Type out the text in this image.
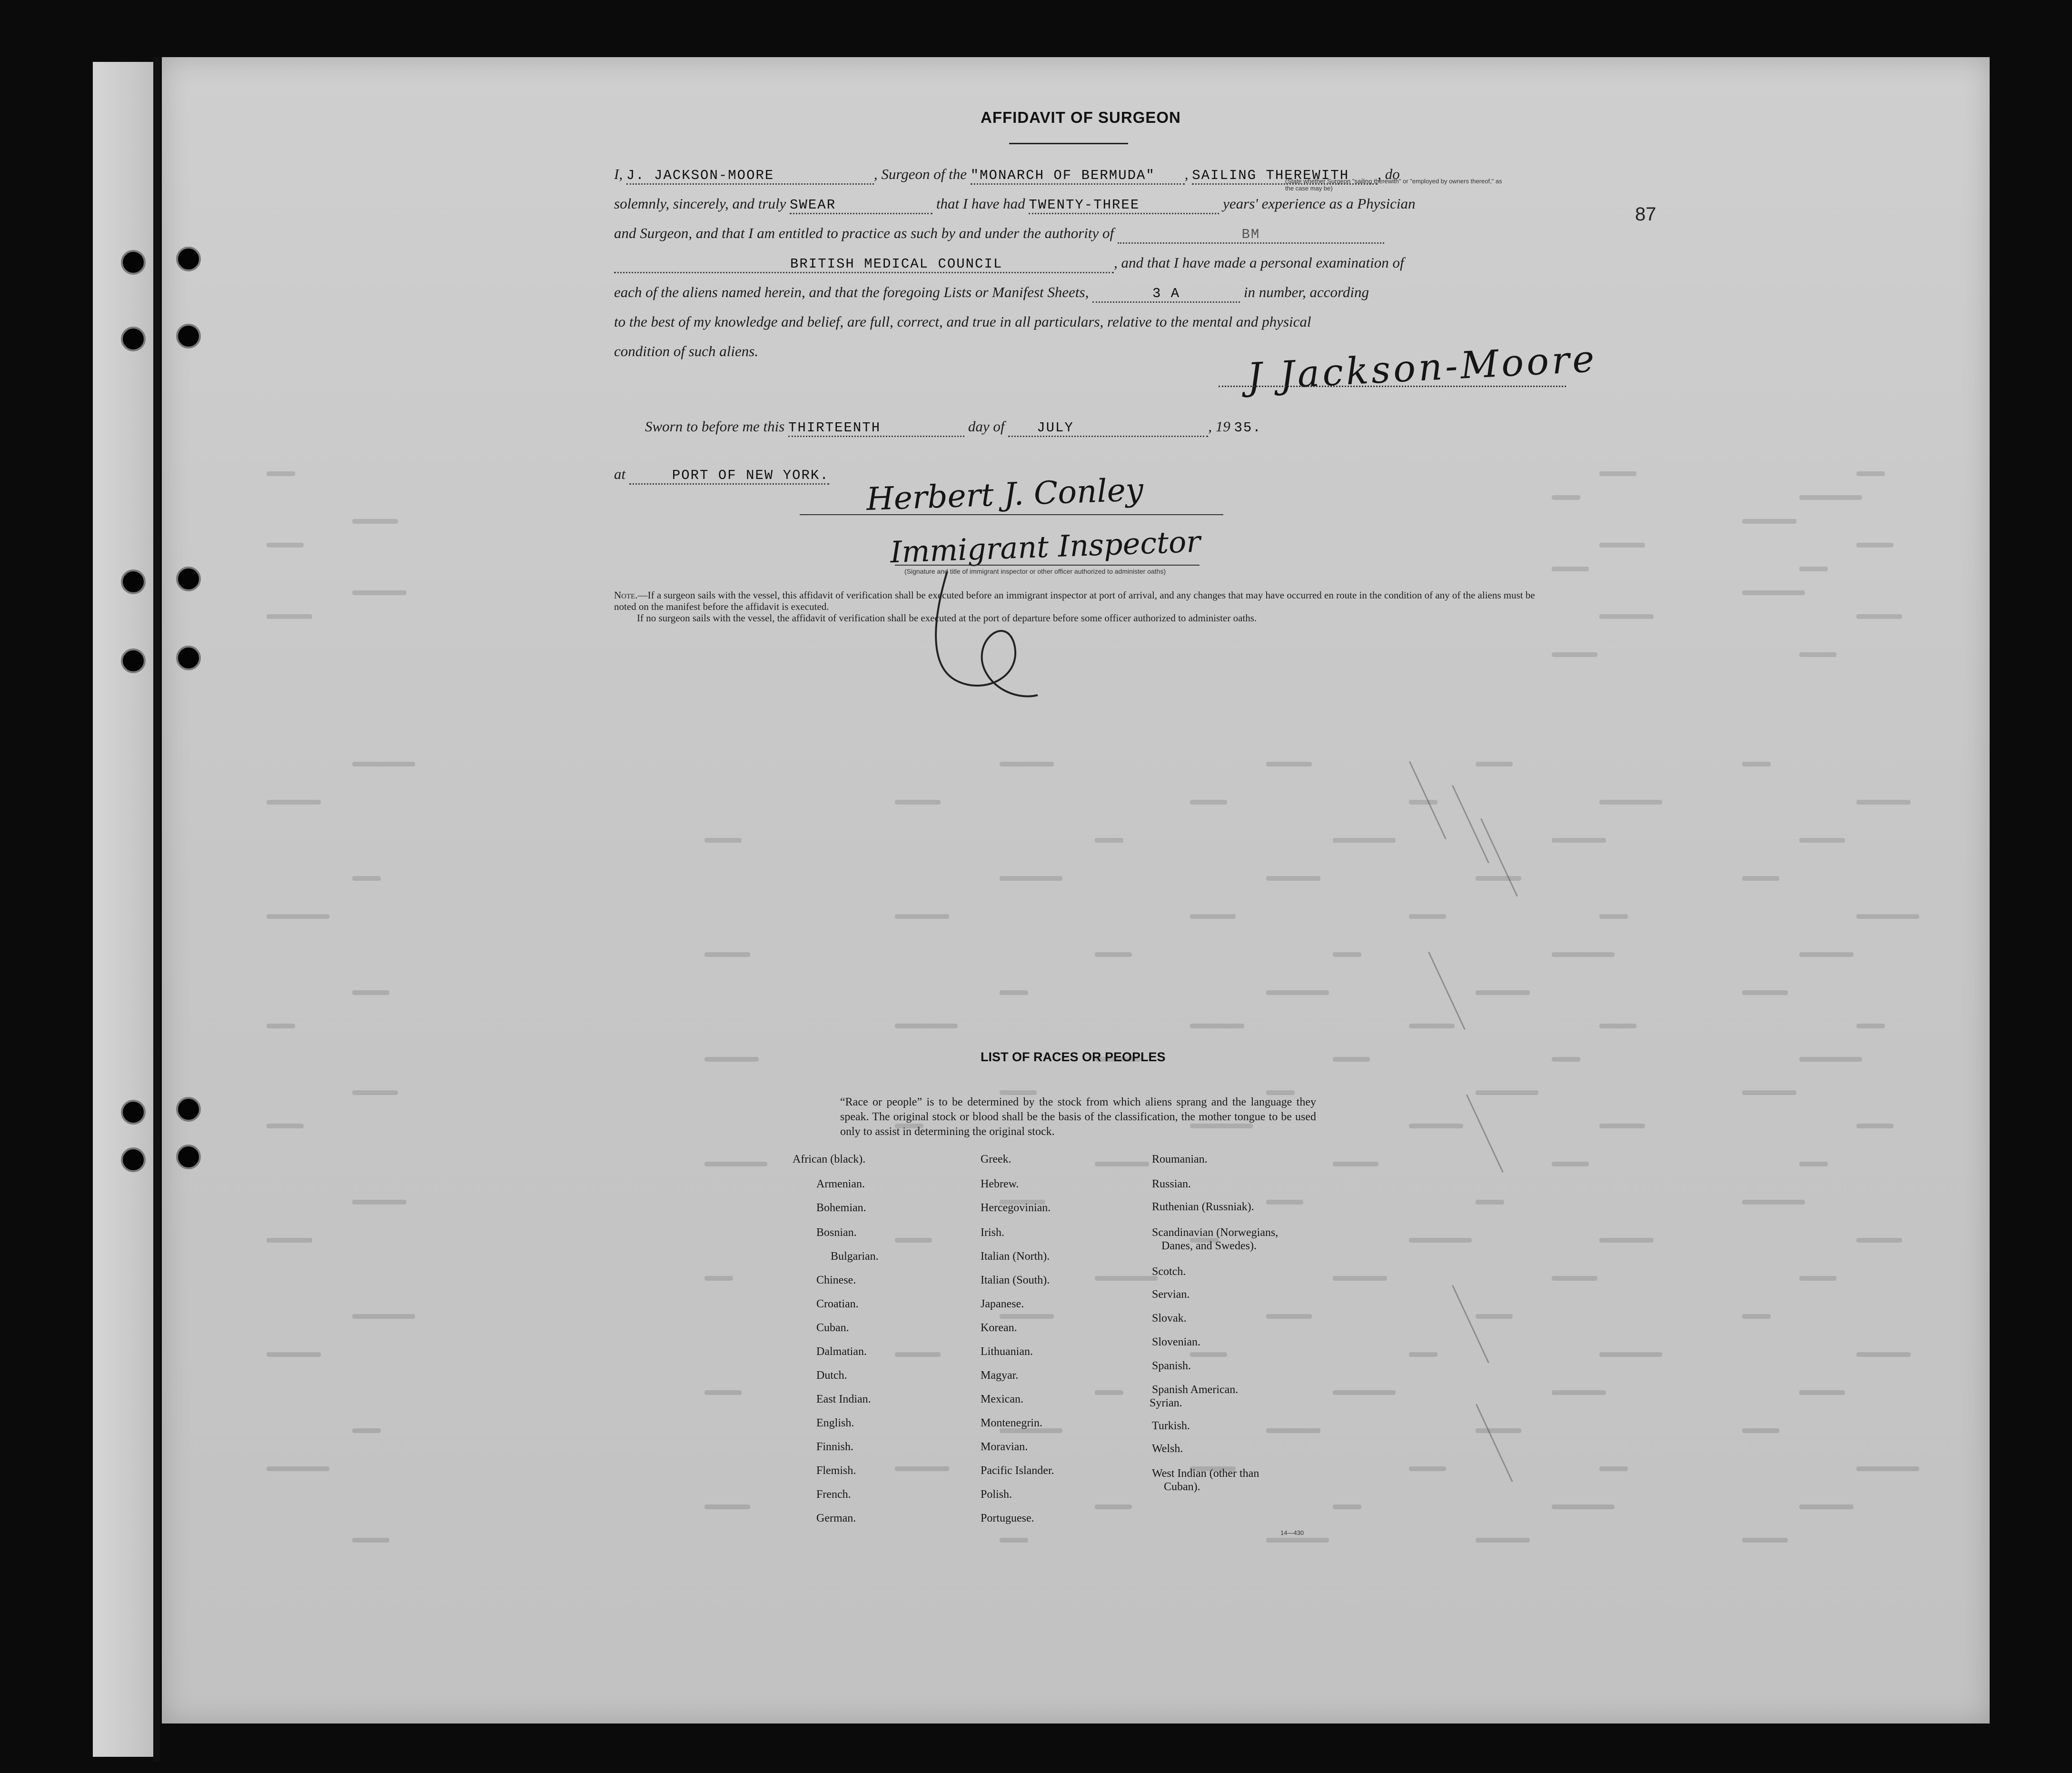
87
AFFIDAVIT OF SURGEON
I, J. JACKSON-MOORE	, Surgeon of the "MONARCH OF BERMUDA" , SAILING THEREWITH , do
(State whether Surgeon "sailing therewith" or "employed by owners thereof," as the case may be)
solemnly, sincerely, and truly SWEAR	that I have had TWENTY-THREE	years' experience as a Physician
and Surgeon, and that I am entitled to practice as such by and under the authority of	BM
BRITISH MEDICAL COUNCIL	, and that I have made a personal examination of
each of the aliens named herein, and that the foregoing Lists or Manifest Sheets,	3 A	in number, according
to the best of my knowledge and belief, are full, correct, and true in all particulars, relative to the mental and physical
condition of such aliens.	J Jackson-Moore
Sworn to before me this THIRTEENTH	day of JULY	, 19 35.
at	PORT OF NEW YORK. Herbert J. Conley
Immigrant Inspector
(Signature and title of immigrant inspector or other officer authorized to administer oaths)
Note.—If a surgeon sails with the vessel, this affidavit of verification shall be executed before an immigrant inspector at port of arrival, and any changes that may have occurred en route in the condition of any of the aliens must be noted on the manifest before the affidavit is executed.
If no surgeon sails with the vessel, the affidavit of verification shall be executed at the port of departure before some officer authorized to administer oaths.
LIST OF RACES OR PEOPLES
“Race or people” is to be determined by the stock from which aliens sprang and the language they speak. The original stock or blood shall be the basis of the classification, the mother tongue to be used only to assist in determining the original stock.
African (black).
Armenian.
Bohemian.
Bosnian.
Bulgarian.
Chinese.
Croatian.
Cuban.
Dalmatian.
Dutch.
East Indian.
English.
Finnish.
Flemish.
French.
German.
Greek.
Hebrew.
Hercegovinian.
Irish.
Italian (North).
Italian (South).
Japanese.
Korean.
Lithuanian.
Magyar.
Mexican.
Montenegrin.
Moravian.
Pacific Islander.
Polish.
Portuguese.
Roumanian.
Russian.
Ruthenian (Russniak).
Scandinavian (Norwegians,
Danes, and Swedes).
Scotch.
Servian.
Slovak.
Slovenian.
Spanish.
Spanish American.
Syrian.
Turkish.
Welsh.
West Indian (other than
Cuban).
14—430
